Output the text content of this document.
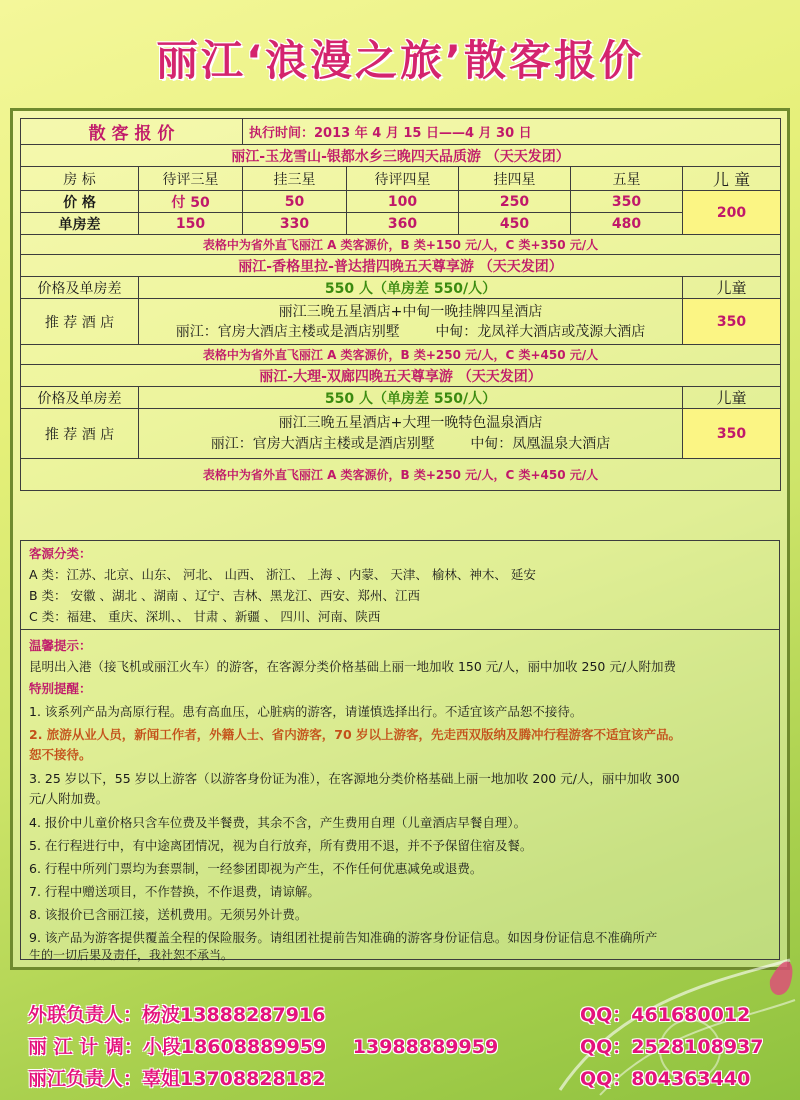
丽江‘浪漫之旅’散客报价
散 客 报 价		执行时间：2013 年 4 月 15 日——4 月 30 日				
丽江-玉龙雪山-银都水乡三晚四天品质游 （天天发团）						
房 标	待评三星	挂三星	待评四星	挂四星	五星	儿 童
价 格	付 50	50	100	250	350	200
单房差	150	330	360	450	480	
表格中为省外直飞丽江 A 类客源价，B 类+150 元/人，C 类+350 元/人						
丽江-香格里拉-普达措四晚五天尊享游 （天天发团）						
价格及单房差	550 人（单房差 550/人）					儿童
推 荐 酒 店	丽江三晚五星酒店+中甸一晚挂牌四星酒店
丽江：官房大酒店主楼或是酒店别墅 中甸：龙凤祥大酒店或茂源大酒店					350
表格中为省外直飞丽江 A 类客源价，B 类+250 元/人，C 类+450 元/人						
丽江-大理-双廊四晚五天尊享游 （天天发团）						
价格及单房差	550 人（单房差 550/人）					儿童
推 荐 酒 店	丽江三晚五星酒店+大理一晚特色温泉酒店
丽江：官房大酒店主楼或是酒店别墅 中甸：凤凰温泉大酒店					350
表格中为省外直飞丽江 A 类客源价，B 类+250 元/人，C 类+450 元/人						
客源分类：
A 类：江苏、北京、山东、 河北、 山西、 浙江、 上海 、内蒙、 天津、 榆林、神木、 延安
B 类： 安徽 、湖北 、湖南 、辽宁、吉林、黑龙江、西安、郑州、江西
C 类：福建、 重庆、深圳、、 甘肃 、新疆 、 四川、河南、陕西
温馨提示：
昆明出入港（接飞机或丽江火车）的游客，在客源分类价格基础上丽一地加收 150 元/人，丽中加收 250 元/人附加费
特别提醒：
1. 该系列产品为高原行程。患有高血压，心脏病的游客，请谨慎选择出行。不适宜该产品恕不接待。
2. 旅游从业人员，新闻工作者，外籍人士、省内游客，70 岁以上游客，先走西双版纳及腾冲行程游客不适宜该产品。
恕不接待。
3. 25 岁以下，55 岁以上游客（以游客身份证为准），在客源地分类价格基础上丽一地加收 200 元/人，丽中加收 300
元/人附加费。
4. 报价中儿童价格只含车位费及半餐费，其余不含，产生费用自理（儿童酒店早餐自理）。
5. 在行程进行中，有中途离团情况，视为自行放弃，所有费用不退，并不予保留住宿及餐。
6. 行程中所列门票均为套票制，一经参团即视为产生，不作任何优惠减免或退费。
7. 行程中赠送项目，不作替换，不作退费，请谅解。
8. 该报价已含丽江接，送机费用。无须另外计费。
9. 该产品为游客提供覆盖全程的保险服务。请组团社提前告知准确的游客身份证信息。如因身份证信息不准确所产
生的一切后果及责任，我社恕不承当。
外联负责人：杨波13888287916	QQ：461680012
丽 江 计 调：小段18608889959 13988889959	QQ：2528108937
丽江负责人：辜姐13708828182	QQ：804363440
